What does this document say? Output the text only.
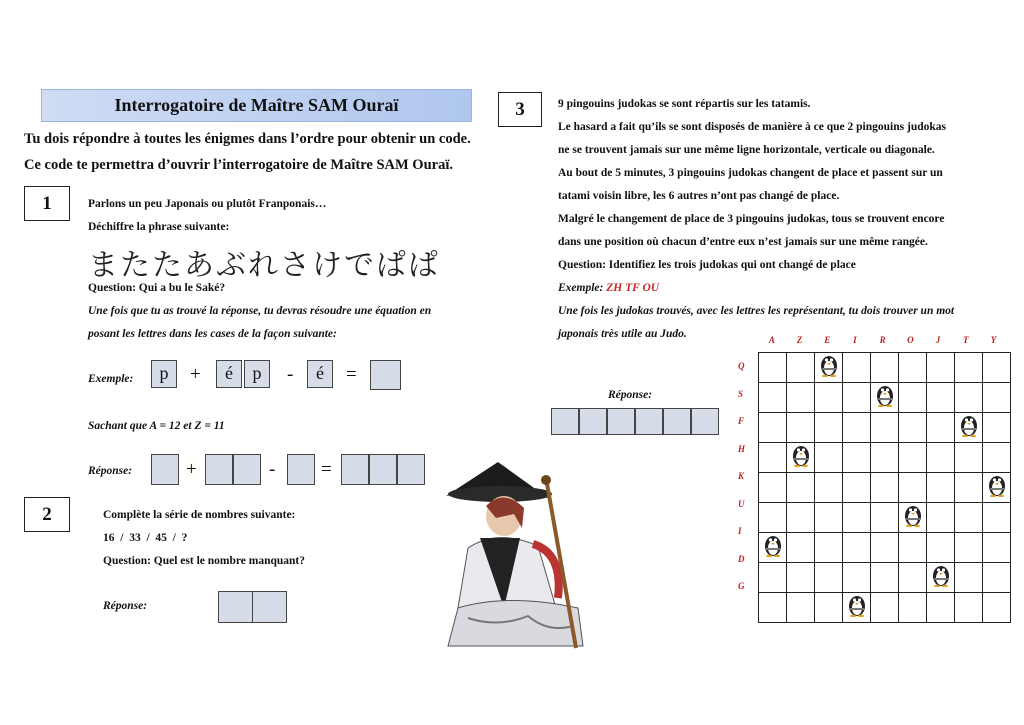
Interrogatoire de Maître SAM Ouraï
Tu dois répondre à toutes les énigmes dans l’ordre pour obtenir un code.
Ce code te permettra d’ouvrir l’interrogatoire de Maître SAM Ouraï.
1	Parlons un peu Japonais ou plutôt Franponais…
Déchiffre la phrase suivante:
またたあぶれさけでぱぱ
Question: Qui a bu le Saké?
Une fois que tu as trouvé la réponse, tu devras résoudre une équation en
posant les lettres dans les cases de la façon suivante:
Exemple:	p	+	é	p	-	é	=
Sachant que A = 12 et Z = 11
Réponse:	+	- =
2	Complète la série de nombres suivante:
16  /  33  /  45  /  ?
Question: Quel est le nombre manquant?
Réponse:
3	9 pingouins judokas se sont répartis sur les tatamis.
Le hasard a fait qu’ils se sont disposés de manière à ce que 2 pingouins judokas
ne se trouvent jamais sur une même ligne horizontale, verticale ou diagonale.
Au bout de 5 minutes, 3 pingouins judokas changent de place et passent sur un
tatami voisin libre, les 6 autres n’ont pas changé de place.
Malgré le changement de place de 3 pingouins judokas, tous se trouvent encore
dans une position où chacun d’entre eux n’est jamais sur une même rangée.
Question: Identifiez les trois judokas qui ont changé de place
Exemple: ZH TF OU
Une fois les judokas trouvés, avec les lettres les représentant, tu dois trouver un mot
japonais très utile au Judo.
Réponse:
A	Z	E	I	R	O	J	T	Y
Q
S
F
H
K
U
I
D
G
